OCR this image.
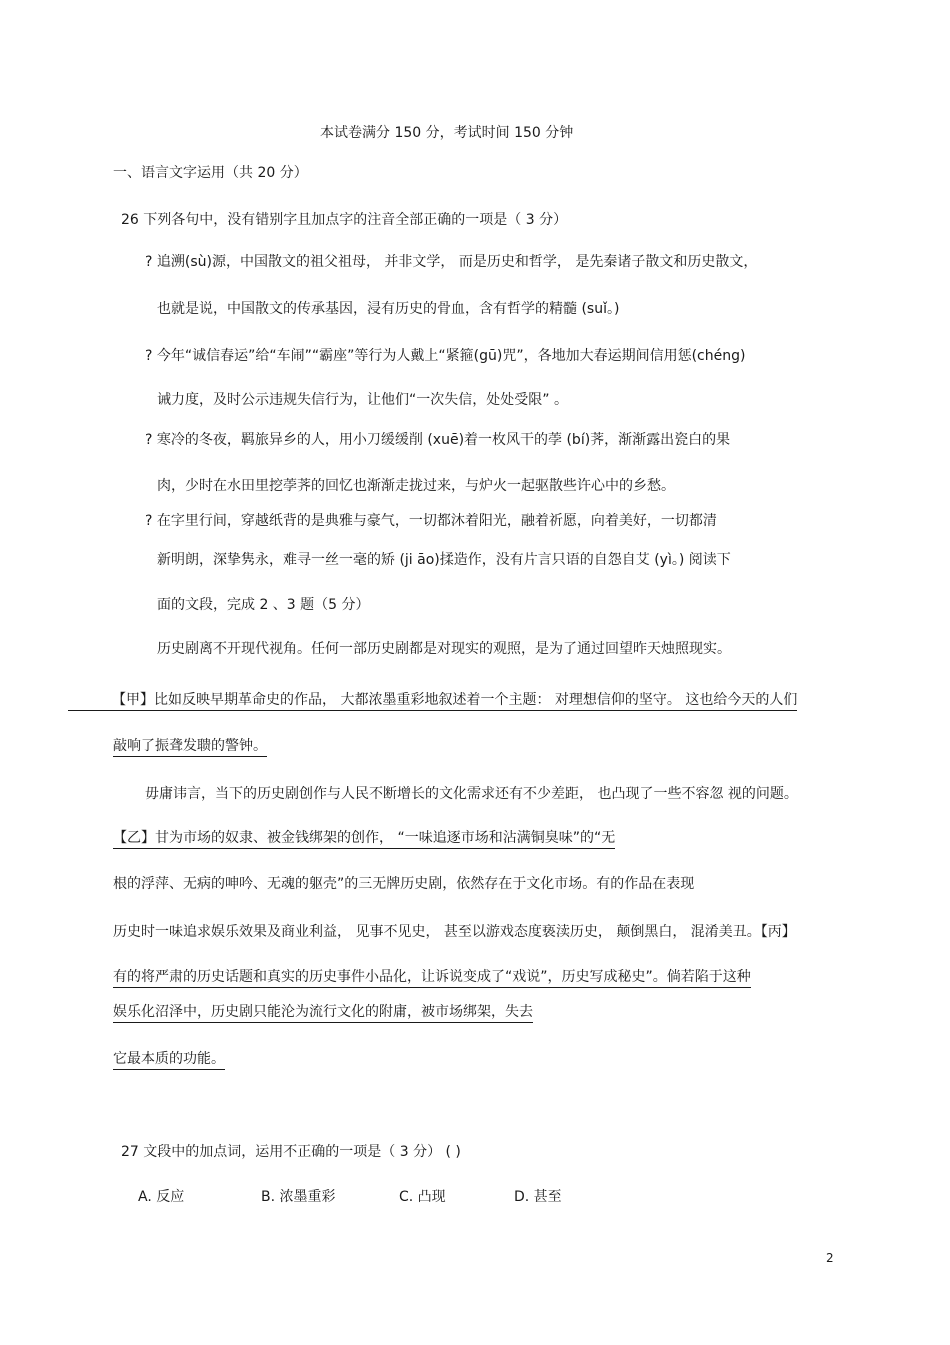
本试卷满分 150 分，考试时间 150 分钟
一、语言文字运用（共 20 分）
26 下列各句中，没有错别字且加点字的注音全部正确的一项是（ 3 分）
? 追溯(sù)源，中国散文的祖父祖母， 并非文学， 而是历史和哲学， 是先秦诸子散文和历史散文，
也就是说，中国散文的传承基因，浸有历史的骨血，含有哲学的精髓 (suǐ。)
? 今年“诚信春运”给“车闹”“霸座”等行为人戴上“紧箍(gū)咒”，各地加大春运期间信用惩(chéng)
诫力度，及时公示违规失信行为，让他们“一次失信，处处受限” 。
? 寒冷的冬夜，羁旅异乡的人，用小刀缓缓削 (xuē)着一枚风干的荸 (bí)荠，渐渐露出瓷白的果
肉，少时在水田里挖荸荠的回忆也渐渐走拢过来，与炉火一起驱散些许心中的乡愁。
? 在字里行间，穿越纸背的是典雅与豪气，一切都沐着阳光，融着祈愿，向着美好，一切都清
新明朗，深挚隽永，难寻一丝一毫的矫 (ji āo)揉造作，没有片言只语的自怨自艾 (yì。) 阅读下
面的文段，完成 2 、3 题（5 分）
历史剧离不开现代视角。任何一部历史剧都是对现实的观照，是为了通过回望昨天烛照现实。
【甲】比如反映早期革命史的作品， 大都浓墨重彩地叙述着一个主题： 对理想信仰的坚守。 这也给今天的人们
敲响了振聋发聩的警钟。
毋庸讳言，当下的历史剧创作与人民不断增长的文化需求还有不少差距， 也凸现了一些不容忽 视的问题。
【乙】甘为市场的奴隶、被金钱绑架的创作， “一味追逐市场和沾满铜臭味”的“无
根的浮萍、无病的呻吟、无魂的躯壳”的三无牌历史剧，依然存在于文化市场。有的作品在表现
历史时一味追求娱乐效果及商业利益， 见事不见史， 甚至以游戏态度亵渎历史， 颠倒黑白， 混淆美丑。【丙】
有的将严肃的历史话题和真实的历史事件小品化，让诉说变成了“戏说”，历史写成秘史”。倘若陷于这种
娱乐化沼泽中，历史剧只能沦为流行文化的附庸，被市场绑架，失去
它最本质的功能。
27 文段中的加点词，运用不正确的一项是（ 3 分） ( )
A. 反应	B. 浓墨重彩	C. 凸现	D. 甚至
2
